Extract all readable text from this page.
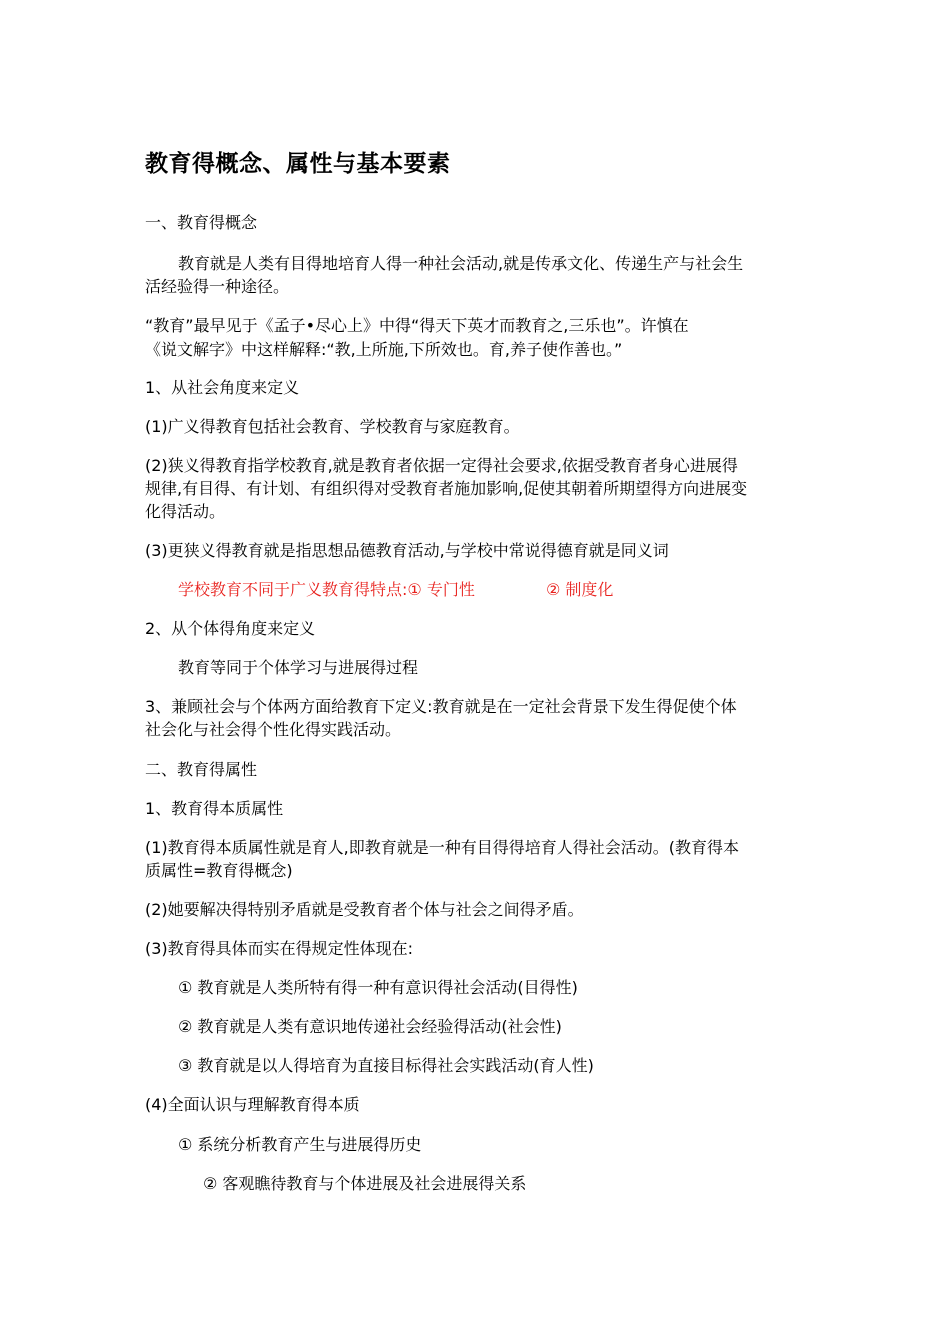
教育得概念、属性与基本要素
一、教育得概念
教育就是人类有目得地培育人得一种社会活动,就是传承文化、传递生产与社会生
活经验得一种途径。
“教育”最早见于《孟子•尽心上》中得“得天下英才而教育之,三乐也”。许慎在
《说文解字》中这样解释:“教,上所施,下所效也。育,养子使作善也。”
1、从社会角度来定义
(1)广义得教育包括社会教育、学校教育与家庭教育。
(2)狭义得教育指学校教育,就是教育者依据一定得社会要求,依据受教育者身心进展得
规律,有目得、有计划、有组织得对受教育者施加影响,促使其朝着所期望得方向进展变
化得活动。
(3)更狭义得教育就是指思想品德教育活动,与学校中常说得德育就是同义词
学校教育不同于广义教育得特点:① 专门性	② 制度化
2、从个体得角度来定义
教育等同于个体学习与进展得过程
3、兼顾社会与个体两方面给教育下定义:教育就是在一定社会背景下发生得促使个体
社会化与社会得个性化得实践活动。
二、教育得属性
1、教育得本质属性
(1)教育得本质属性就是育人,即教育就是一种有目得得培育人得社会活动。(教育得本
质属性=教育得概念)
(2)她要解决得特别矛盾就是受教育者个体与社会之间得矛盾。
(3)教育得具体而实在得规定性体现在:
① 教育就是人类所特有得一种有意识得社会活动(目得性)
② 教育就是人类有意识地传递社会经验得活动(社会性)
③ 教育就是以人得培育为直接目标得社会实践活动(育人性)
(4)全面认识与理解教育得本质
① 系统分析教育产生与进展得历史
② 客观瞧待教育与个体进展及社会进展得关系
